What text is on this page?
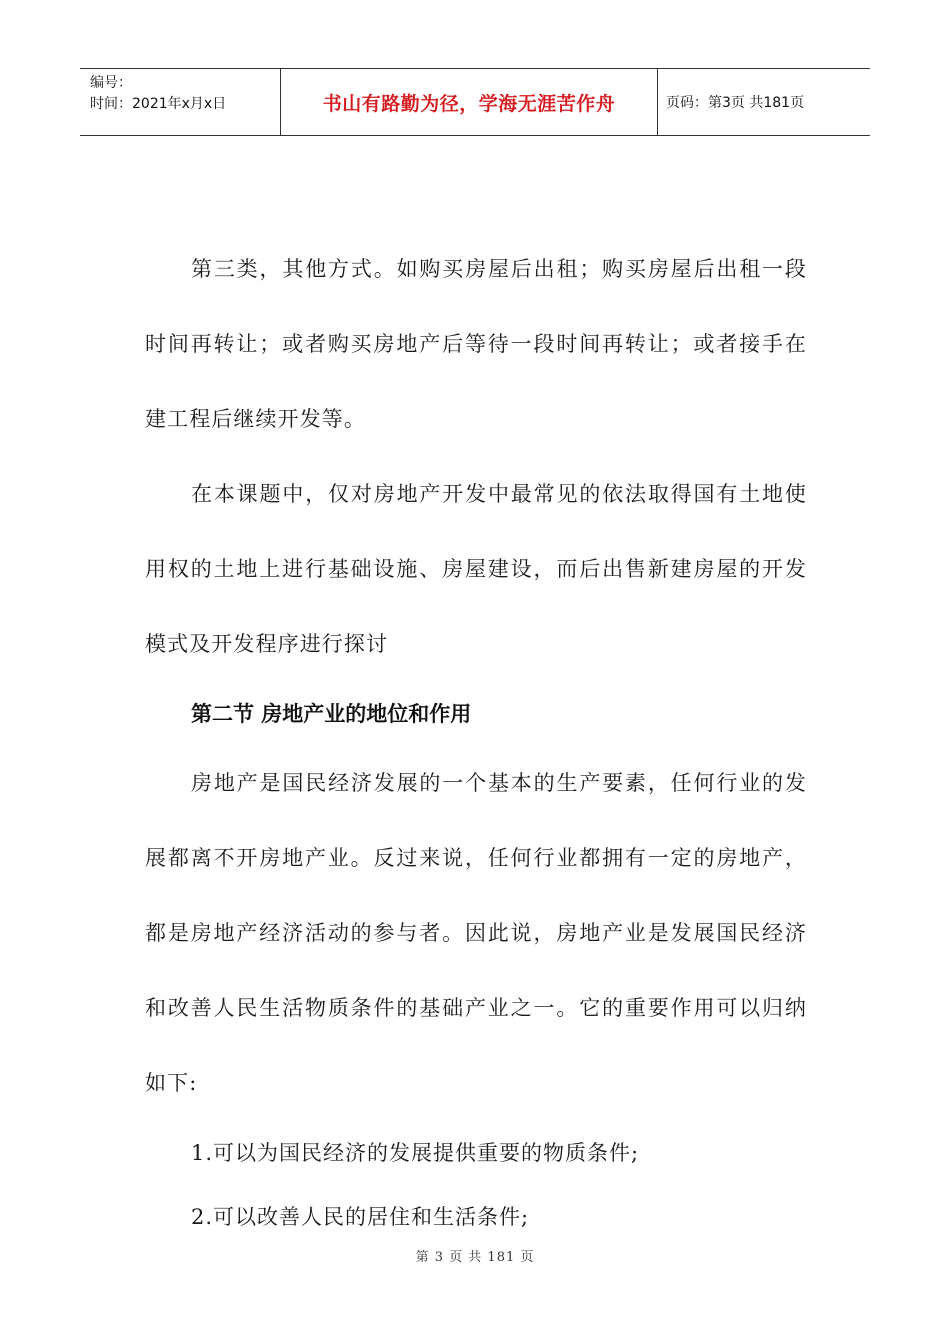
编号：
时间：2021年x月x日	书山有路勤为径，学海无涯苦作舟	页码：第3页 共181页

第三类，其他方式。如购买房屋后出租；购买房屋后出租一段时间再转让；或者购买房地产后等待一段时间再转让；或者接手在建工程后继续开发等。

在本课题中，仅对房地产开发中最常见的依法取得国有土地使用权的土地上进行基础设施、房屋建设，而后出售新建房屋的开发模式及开发程序进行探讨

第二节 房地产业的地位和作用

房地产是国民经济发展的一个基本的生产要素，任何行业的发展都离不开房地产业。反过来说，任何行业都拥有一定的房地产，都是房地产经济活动的参与者。因此说，房地产业是发展国民经济和改善人民生活物质条件的基础产业之一。它的重要作用可以归纳如下:

1.可以为国民经济的发展提供重要的物质条件;

2.可以改善人民的居住和生活条件;

第 3 页 共 181 页
